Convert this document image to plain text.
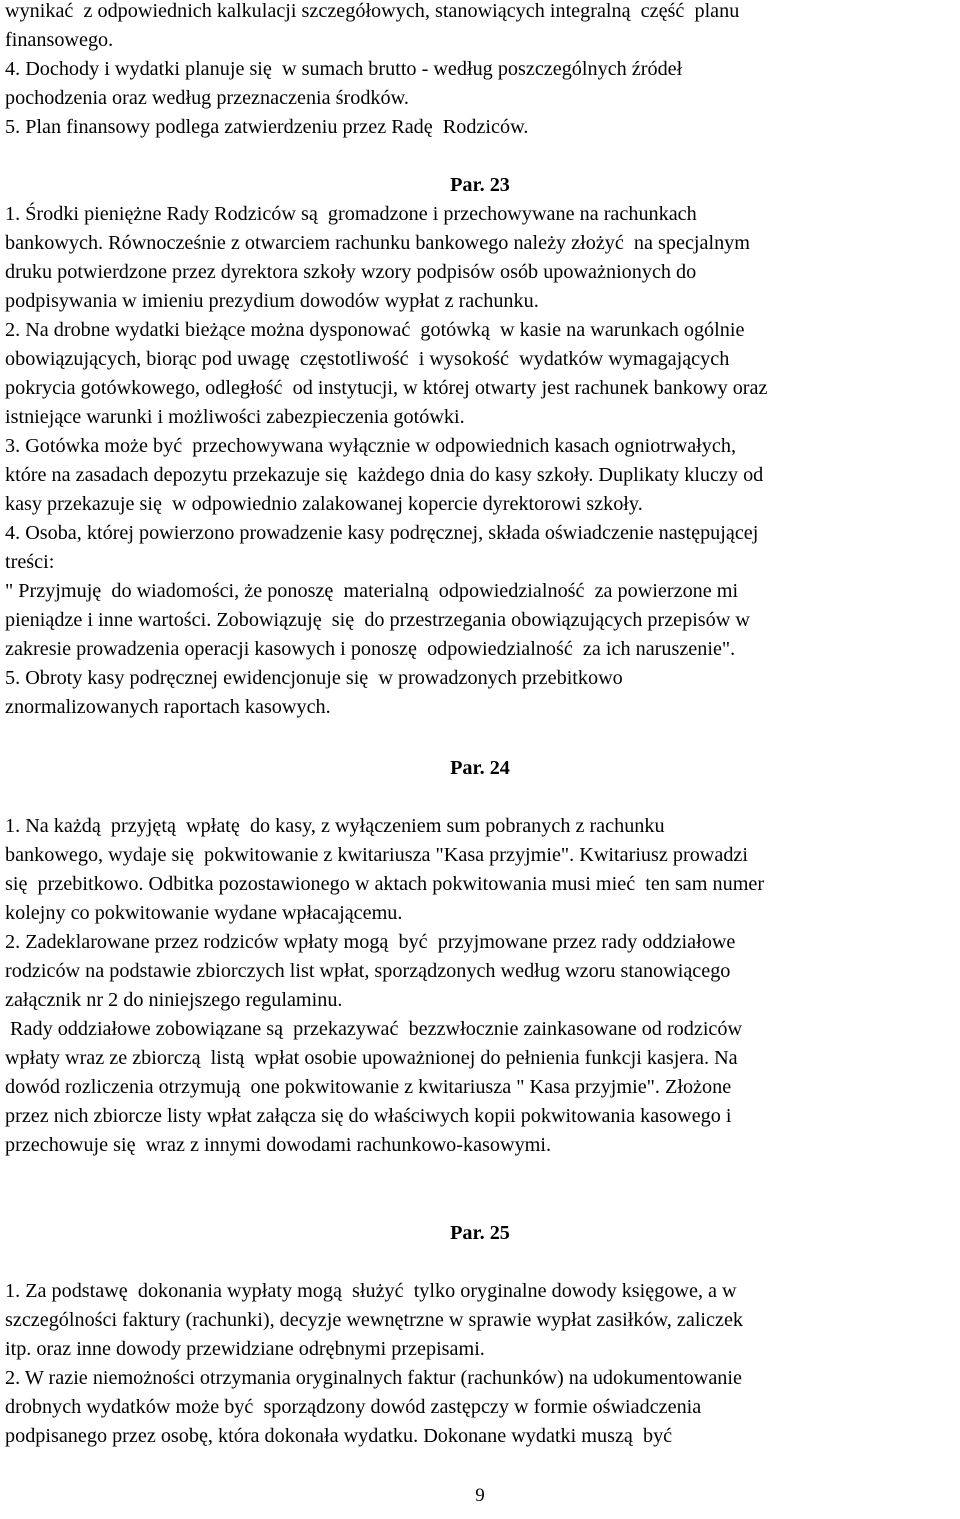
wynikać  z odpowiednich kalkulacji szczegółowych, stanowiących integralną  część  planu

finansowego.

4. Dochody i wydatki planuje się  w sumach brutto - według poszczególnych źródeł

pochodzenia oraz według przeznaczenia środków.

5. Plan finansowy podlega zatwierdzeniu przez Radę  Rodziców.

Par. 23

1. Środki pieniężne Rady Rodziców są  gromadzone i przechowywane na rachunkach

bankowych. Równocześnie z otwarciem rachunku bankowego należy złożyć  na specjalnym

druku potwierdzone przez dyrektora szkoły wzory podpisów osób upoważnionych do

podpisywania w imieniu prezydium dowodów wypłat z rachunku.

2. Na drobne wydatki bieżące można dysponować  gotówką  w kasie na warunkach ogólnie

obowiązujących, biorąc pod uwagę  częstotliwość  i wysokość  wydatków wymagających

pokrycia gotówkowego, odległość  od instytucji, w której otwarty jest rachunek bankowy oraz

istniejące warunki i możliwości zabezpieczenia gotówki.

3. Gotówka może być  przechowywana wyłącznie w odpowiednich kasach ogniotrwałych,

które na zasadach depozytu przekazuje się  każdego dnia do kasy szkoły. Duplikaty kluczy od

kasy przekazuje się  w odpowiednio zalakowanej kopercie dyrektorowi szkoły.

4. Osoba, której powierzono prowadzenie kasy podręcznej, składa oświadczenie następującej

treści:

" Przyjmuję  do wiadomości, że ponoszę  materialną  odpowiedzialność  za powierzone mi

pieniądze i inne wartości. Zobowiązuję  się  do przestrzegania obowiązujących przepisów w

zakresie prowadzenia operacji kasowych i ponoszę  odpowiedzialność  za ich naruszenie".

5. Obroty kasy podręcznej ewidencjonuje się  w prowadzonych przebitkowo

znormalizowanych raportach kasowych.

Par. 24

1. Na każdą  przyjętą  wpłatę  do kasy, z wyłączeniem sum pobranych z rachunku

bankowego, wydaje się  pokwitowanie z kwitariusza "Kasa przyjmie". Kwitariusz prowadzi

się  przebitkowo. Odbitka pozostawionego w aktach pokwitowania musi mieć  ten sam numer

kolejny co pokwitowanie wydane wpłacającemu.

2. Zadeklarowane przez rodziców wpłaty mogą  być  przyjmowane przez rady oddziałowe

rodziców na podstawie zbiorczych list wpłat, sporządzonych według wzoru stanowiącego

załącznik nr 2 do niniejszego regulaminu.

Rady oddziałowe zobowiązane są  przekazywać  bezzwłocznie zainkasowane od rodziców

wpłaty wraz ze zbiorczą  listą  wpłat osobie upoważnionej do pełnienia funkcji kasjera. Na

dowód rozliczenia otrzymują  one pokwitowanie z kwitariusza " Kasa przyjmie". Złożone

przez nich zbiorcze listy wpłat załącza się do właściwych kopii pokwitowania kasowego i

przechowuje się  wraz z innymi dowodami rachunkowo-kasowymi.

Par. 25

1. Za podstawę  dokonania wypłaty mogą  służyć  tylko oryginalne dowody księgowe, a w

szczególności faktury (rachunki), decyzje wewnętrzne w sprawie wypłat zasiłków, zaliczek

itp. oraz inne dowody przewidziane odrębnymi przepisami.

2. W razie niemożności otrzymania oryginalnych faktur (rachunków) na udokumentowanie

drobnych wydatków może być  sporządzony dowód zastępczy w formie oświadczenia

podpisanego przez osobę, która dokonała wydatku. Dokonane wydatki muszą  być

9
